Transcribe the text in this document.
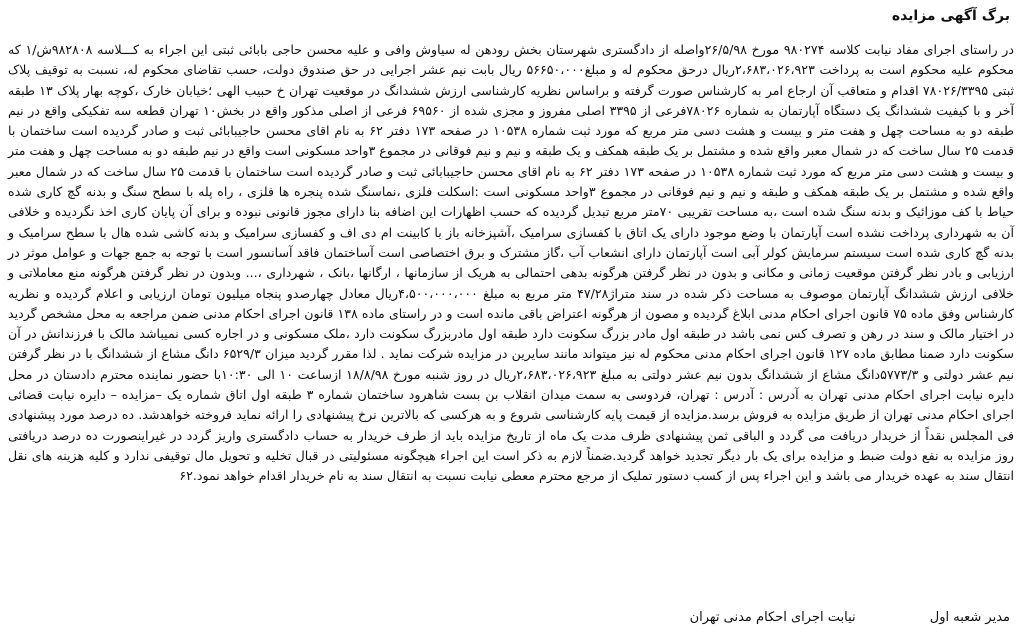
برگ آگهی مزایده

در راستای اجرای مفاد نیابت کلاسه ۹۸۰۲۷۴ مورخ ۲۶/۵/۹۸واصله از دادگستری شهرستان بخش رودهن له سیاوش وافی و علیه محسن حاجی بابائی ثبتی این اجراء به کـــلاسه ۹۸۲۸۰۸ش/۱ که محکوم علیه محکوم است به پرداخت ۲،۶۸۳،۰۲۶،۹۲۳ریال درحق محکوم له و مبلغ۵۶۶۵۰،۰۰۰ ریال بابت نیم عشر اجرایی در حق صندوق دولت، حسب تقاضای محکوم له، نسبت به توقیف پلاک ثبتی ۷۸۰۲۶/۳۳۹۵ اقدام و متعاقب آن ارجاع امر به کارشناس صورت گرفته و براساس نظریه کارشناسی ارزش ششدانگ در موقعیت تهران خ حبیب الهی ؛خیابان خارک ،کوچه بهار پلاک ۱۳ طبقه آخر و با کیفیت ششدانگ یک دستگاه آپارتمان به شماره ۷۸۰۲۶فرعی از ۳۳۹۵ اصلی مفروز و مجزی شده از ۶۹۵۶۰ فرعی از اصلی مذکور واقع در بخش۱۰ تهران قطعه سه تفکیکی واقع در نیم طبقه دو به مساحت چهل و هفت متر و بیست و هشت دسی متر مربع که مورد ثبت شماره ۱۰۵۳۸ در صفحه ۱۷۳ دفتر ۶۲ به نام اقای محسن حاجیبابائی ثبت و صادر گردیده است ساختمان با قدمت ۲۵ سال ساخت که در شمال معبر واقع شده و مشتمل بر یک طبقه همکف و یک طبقه و نیم و نیم فوقانی در مجموع ۳واحد مسکونی است واقع در نیم طبقه دو به مساحت چهل و هفت متر و بیست و هشت دسی متر مربع که مورد ثبت شماره ۱۰۵۳۸ در صفحه ۱۷۳ دفتر ۶۲ به نام اقای محسن حاجیبابائی ثبت و صادر گردیده است ساختمان با قدمت ۲۵ سال ساخت که در شمال معبر واقع شده و مشتمل بر یک طبقه همکف و طبقه و نیم و نیم فوقانی در مجموع ۳واحد مسکونی است :اسکلت فلزی ،نماسنگ شده پنجره ها فلزی ، راه پله با سطح سنگ و بدنه گچ کاری شده حیاط با کف موزائیک و بدنه سنگ شده است ،به مساحت تقریبی ۷۰متر مربع تبدیل گردیده که حسب اظهارات این اضافه بنا دارای مجوز قانونی نبوده و برای آن پایان کاری اخذ نگردیده و خلافی آن به شهرداری پرداخت نشده است آپارتمان با وضع موجود دارای یک اتاق با کفسازی سرامیک ،آشپزخانه باز با کابینت ام دی اف و کفسازی سرامیک و بدنه کاشی شده هال با سطح سرامیک و بدنه گچ کاری شده است سیستم سرمایش کولر آبی است آپارتمان دارای انشعاب آب ،گاز مشترک و برق اختصاصی است آساختمان فاقد آسانسور است با توجه به جمع جهات و عوامل موثر در ارزیابی و بادر نظر گرفتن موقعیت زمانی و مکانی و بدون در نظر گرفتن هرگونه بدهی احتمالی به هریک از سازمانها ، ارگانها ،بانک ، شهرداری ،... وبدون در نظر گرفتن هرگونه منع معاملاتی و خلافی ارزش ششدانگ آپارتمان موصوف به مساحت ذکر شده در سند متراژ۴۷/۲۸ متر مربع به مبلغ ۴،۵۰۰،۰۰۰،۰۰۰ریال معادل چهارصدو پنجاه میلیون تومان ارزیابی و اعلام گردیده و نظریه کارشناس وفق ماده ۷۵ قانون اجرای احکام مدنی ابلاغ گردیده و مصون از هرگونه اعتراض باقی مانده است و در راستای ماده ۱۳۸ قانون اجرای احکام مدنی ضمن مراجعه به محل مشخص گردید در اختیار مالک و سند در رهن و تصرف کس نمی باشد در طبقه اول مادر بزرگ سکونت دارد طبقه اول مادربزرگ سکونت دارد ،ملک مسکونی و در اجاره کسی نمیباشد مالک با فرزندانش در آن سکونت دارد ضمنا مطابق ماده ۱۲۷ قانون اجرای احکام مدنی محکوم له نیز میتواند مانند سایرین در مزایده شرکت نماید . لذا مقرر گردید میزان ۶۵۲۹/۳ دانگ مشاع از ششدانگ با در نظر گرفتن نیم عشر دولتی و ۵۷۷۳/۳دانگ مشاع از ششدانگ بدون نیم عشر دولتی به مبلغ ۲،۶۸۳،۰۲۶،۹۲۳ریال در روز شنبه مورخ ۱۸/۸/۹۸ ازساعت ۱۰ الی ۱۰:۳۰با حضور نماینده محترم دادستان در محل دایره نیابت اجرای احکام مدنی تهران به آدرس : آدرس : تهران، فردوسی به سمت میدان انقلاب بن بست شاهرود ساختمان شماره ۳ طبقه اول اتاق شماره یک –مزایده – دایره نیابت قضائی اجرای احکام مدنی تهران از طریق مزایده به فروش برسد.مزایده از قیمت پایه کارشناسی شروع و به هرکسی که بالاترین نرخ پیشنهادی را ارائه نماید فروخته خواهدشد. ده درصد مورد پیشنهادی فی المجلس نقداً از خریدار دریافت می گردد و الباقی ثمن پیشنهادی ظرف مدت یک ماه از تاریخ مزایده باید از طرف خریدار به حساب دادگستری واریز گردد در غیراینصورت ده درصد دریافتی روز مزایده به نفع دولت ضبط و مزایده برای یک بار دیگر تجدید خواهد گردید.ضمناً لازم به ذکر است این اجراء هیچگونه مسئولیتی در قبال تخلیه و تحویل مال توقیفی ندارد و کلیه هزینه های نقل انتقال سند به عهده خریدار می باشد و این اجراء پس از کسب دستور تملیک از مرجع محترم معطی نیابت نسبت به انتقال سند به نام خریدار اقدام خواهد نمود.۶۲

مدیر شعبه اول نیابت اجرای احکام مدنی تهران
